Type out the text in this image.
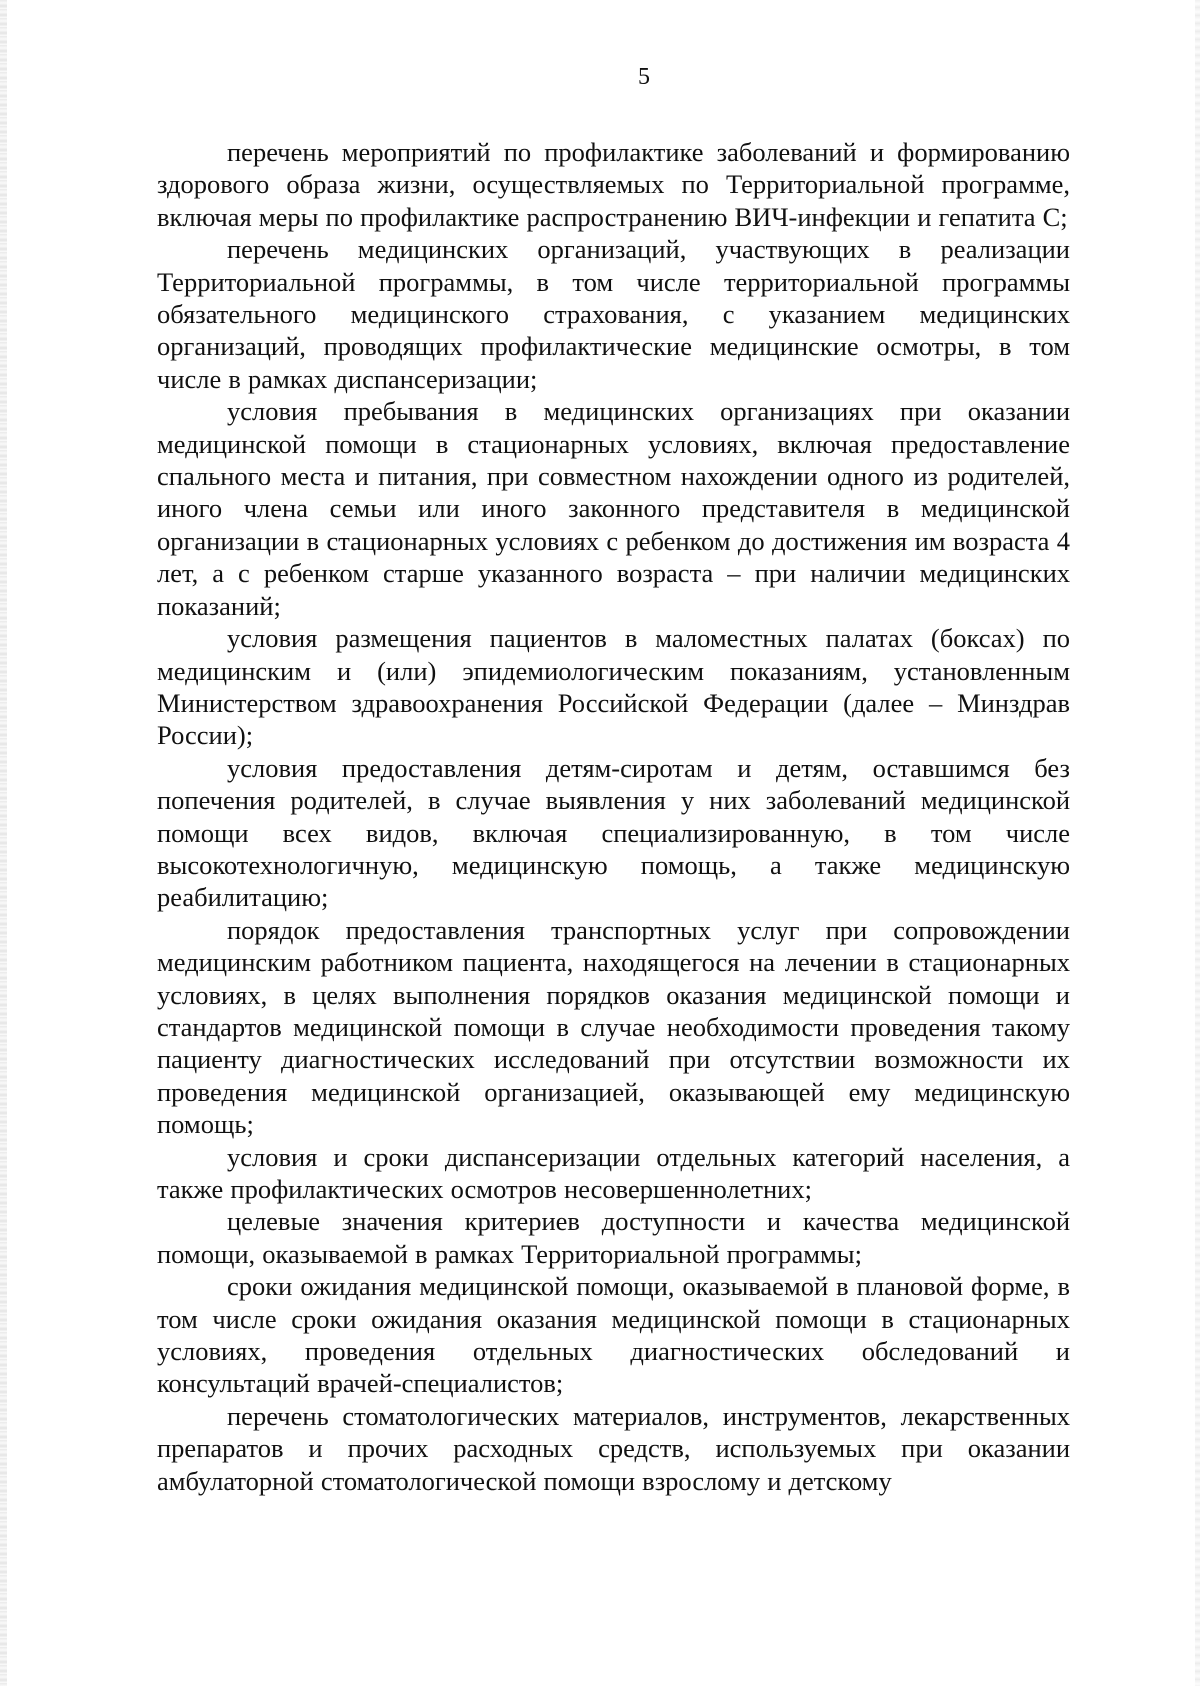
5

перечень мероприятий по профилактике заболеваний и формированию здорового образа жизни, осуществляемых по Территориальной программе, включая меры по профилактике распространению ВИЧ-инфекции и гепатита С;

перечень медицинских организаций, участвующих в реализации Территориальной программы, в том числе территориальной программы обязательного медицинского страхования, с указанием медицинских организаций, проводящих профилактические медицинские осмотры, в том числе в рамках диспансеризации;

условия пребывания в медицинских организациях при оказании медицинской помощи в стационарных условиях, включая предоставление спального места и питания, при совместном нахождении одного из родителей, иного члена семьи или иного законного представителя в медицинской организации в стационарных условиях с ребенком до достижения им возраста 4 лет, а с ребенком старше указанного возраста – при наличии медицинских показаний;

условия размещения пациентов в маломестных палатах (боксах) по медицинским и (или) эпидемиологическим показаниям, установленным Министерством здравоохранения Российской Федерации (далее – Минздрав России);

условия предоставления детям-сиротам и детям, оставшимся без попечения родителей, в случае выявления у них заболеваний медицинской помощи всех видов, включая специализированную, в том числе высокотехнологичную, медицинскую помощь, а также медицинскую реабилитацию;

порядок предоставления транспортных услуг при сопровождении медицинским работником пациента, находящегося на лечении в стационарных условиях, в целях выполнения порядков оказания медицинской помощи и стандартов медицинской помощи в случае необходимости проведения такому пациенту диагностических исследований при отсутствии возможности их проведения медицинской организацией, оказывающей ему медицинскую помощь;

условия и сроки диспансеризации отдельных категорий населения, а также профилактических осмотров несовершеннолетних;

целевые значения критериев доступности и качества медицинской помощи, оказываемой в рамках Территориальной программы;

сроки ожидания медицинской помощи, оказываемой в плановой форме, в том числе сроки ожидания оказания медицинской помощи в стационарных условиях, проведения отдельных диагностических обследований и консультаций врачей-специалистов;

перечень стоматологических материалов, инструментов, лекарственных препаратов и прочих расходных средств, используемых при оказании амбулаторной стоматологической помощи взрослому и детскому
